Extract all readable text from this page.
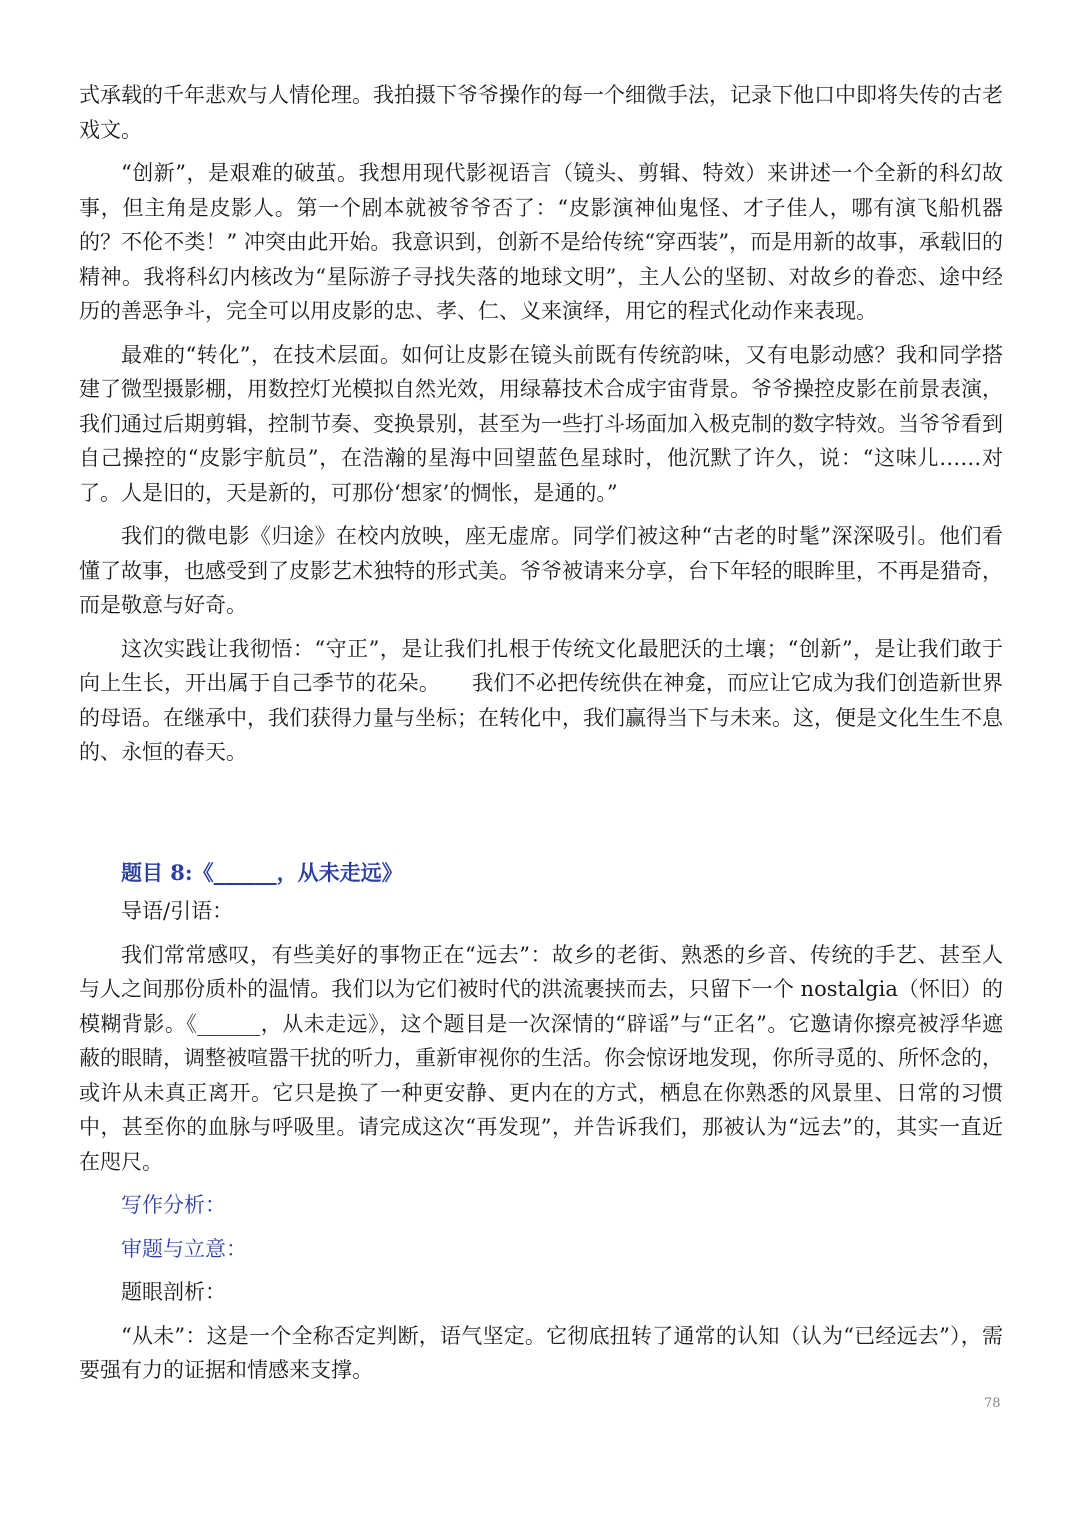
式承载的千年悲欢与人情伦理。我拍摄下爷爷操作的每一个细微手法，记录下他口中即将失传的古老戏文。

“创新”，是艰难的破茧。我想用现代影视语言（镜头、剪辑、特效）来讲述一个全新的科幻故事，但主角是皮影人。第一个剧本就被爷爷否了：“皮影演神仙鬼怪、才子佳人，哪有演飞船机器的？不伦不类！” 冲突由此开始。我意识到，创新不是给传统“穿西装”，而是用新的故事，承载旧的精神。我将科幻内核改为“星际游子寻找失落的地球文明”，主人公的坚韧、对故乡的眷恋、途中经历的善恶争斗，完全可以用皮影的忠、孝、仁、义来演绎，用它的程式化动作来表现。

最难的“转化”，在技术层面。如何让皮影在镜头前既有传统韵味，又有电影动感？我和同学搭建了微型摄影棚，用数控灯光模拟自然光效，用绿幕技术合成宇宙背景。爷爷操控皮影在前景表演，我们通过后期剪辑，控制节奏、变换景别，甚至为一些打斗场面加入极克制的数字特效。当爷爷看到自己操控的“皮影宇航员”，在浩瀚的星海中回望蓝色星球时，他沉默了许久，说：“这味儿……对了。人是旧的，天是新的，可那份‘想家’的惆怅，是通的。”

我们的微电影《归途》在校内放映，座无虚席。同学们被这种“古老的时髦”深深吸引。他们看懂了故事，也感受到了皮影艺术独特的形式美。爷爷被请来分享，台下年轻的眼眸里，不再是猎奇，而是敬意与好奇。

这次实践让我彻悟：“守正”，是让我们扎根于传统文化最肥沃的土壤；“创新”，是让我们敢于向上生长，开出属于自己季节的花朵。　　我们不必把传统供在神龛，而应让它成为我们创造新世界的母语。在继承中，我们获得力量与坐标；在转化中，我们赢得当下与未来。这，便是文化生生不息的、永恒的春天。

题目 8:《______，从未走远》
导语/引语：

我们常常感叹，有些美好的事物正在“远去”：故乡的老街、熟悉的乡音、传统的手艺、甚至人与人之间那份质朴的温情。我们以为它们被时代的洪流裹挟而去，只留下一个 nostalgia（怀旧）的模糊背影。《______，从未走远》，这个题目是一次深情的“辟谣”与“正名”。它邀请你擦亮被浮华遮蔽的眼睛，调整被喧嚣干扰的听力，重新审视你的生活。你会惊讶地发现，你所寻觅的、所怀念的，或许从未真正离开。它只是换了一种更安静、更内在的方式，栖息在你熟悉的风景里、日常的习惯中，甚至你的血脉与呼吸里。请完成这次“再发现”，并告诉我们，那被认为“远去”的，其实一直近在咫尺。

写作分析：
审题与立意：
题眼剖析：

“从未”：这是一个全称否定判断，语气坚定。它彻底扭转了通常的认知（认为“已经远去”），需要强有力的证据和情感来支撑。

78
